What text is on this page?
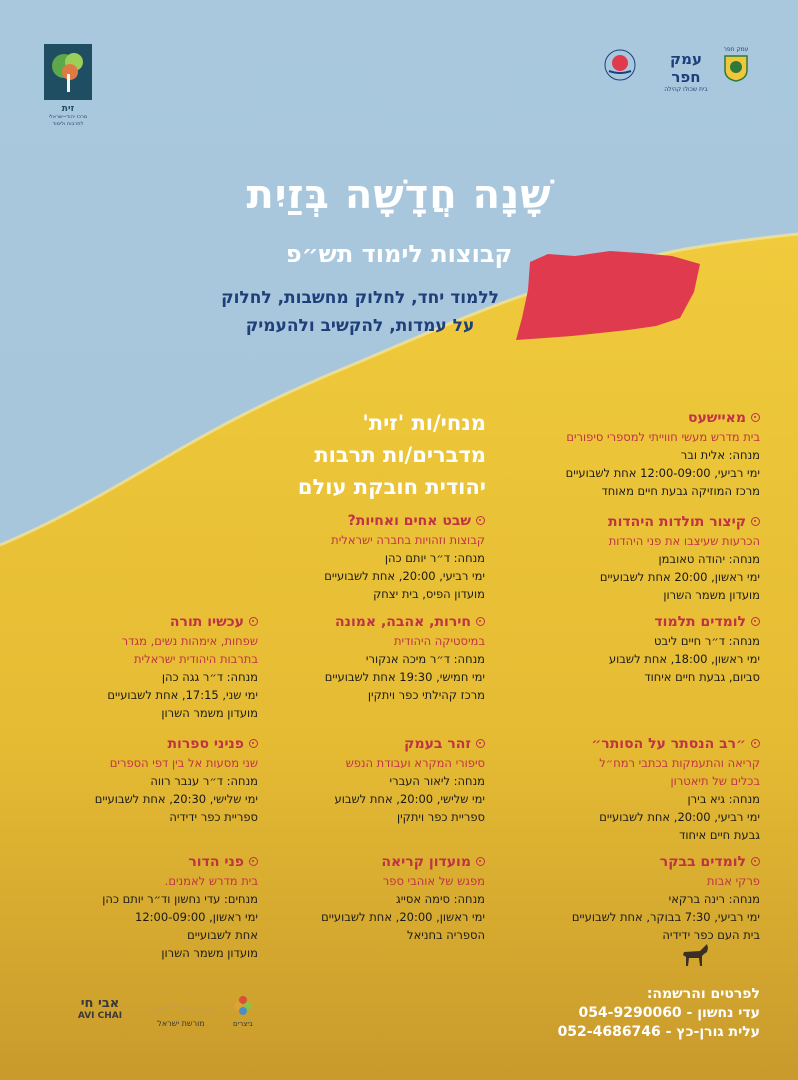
זית
מרכז יהודי-ישראלי לתרבות ולימוד
עמק חפר
בית שכולו קהילה
עמק חפר
שָׁנָה חֲדָשָׁה בְּזַיִת
קבוצות לימוד תש״פ
ללמוד יחד, לחלוק מחשבות, לחלוק
על עמדות, להקשיב ולהעמיק
מנחי/ות 'זית'
מדברים/ות תרבות
יהודית חובקת עולם
מאיישעס
בית מדרש מעשי חווייתי למספרי סיפורים
מנחה: אלית ובר
ימי רביעי, 12:00-09:00 אחת לשבועיים
מרכז המוזיקה גבעת חיים מאוחד
שבט אחים ואחיות?
קבוצות וזהויות בחברה ישראלית
מנחה: ד״ר יותם כהן
ימי רביעי, 20:00, אחת לשבועיים
מועדון הפיס, בית יצחק
קיצור תולדות היהדות
הכרעות שעיצבו את פני היהדות
מנחה: יהודה טאובמן
ימי ראשון, 20:00 אחת לשבועיים
מועדון משמר השרון
עכשיו תורה
שפחות, אימהות נשים, מגדר
בתרבות היהודית ישראלית
מנחה: ד״ר גגה כהן
ימי שני, 17:15, אחת לשבועיים
מועדון משמר השרון
חירות, אהבה, אמונה
במיסטיקה היהודית
מנחה: ד״ר מיכה אנקורי
ימי חמישי, 19:30 אחת לשבועיים
מרכז קהילתי כפר ויתקין
לומדים תלמוד
מנחה: ד״ר חיים ליבט
ימי ראשון, 18:00, אחת לשבוע
סביום, גבעת חיים איחוד
פניני ספרות
שני מסעות אל בין דפי הספרים
מנחה: ד״ר ענבר רווה
ימי שלישי, 20:30, אחת לשבועיים
ספריית כפר ידידיה
זהר בעמק
סיפורי המקרא ועבודת הנפש
מנחה: ליאור העברי
ימי שלישי, 20:00, אחת לשבוע
ספריית כפר ויתקין
״רב הנסתר על הסותר״
קריאה והתעמקות בכתבי רמח״ל
בכלים של תיאטרון
מנחה: גיא בירן
ימי רביעי, 20:00, אחת לשבועיים
גבעת חיים איחוד
פני הדור
בית מדרש לאמנים.
מנחים: עדי נחשון וד״ר יותם כהן
ימי ראשון, 12:00-09:00
אחת לשבועיים
מועדון משמר השרון
מועדון קריאה
מפגש של אוהבי ספר
מנחה: סימה אסייג
ימי ראשון, 20:00, אחת לשבועיים
הספריה בחניאל
לומדים בבקר
פרקי אבות
מנחה: רינה ברקאי
ימי רביעי, 7:30 בבוקר, אחת לשבועיים
בית העם כפר ידידיה
לפרטים והרשמה:
עדי נחשון - 054-9290060
עלית גורן-כץ - 052-4686746
אבי חי
AVI CHAI
מורשת ישראל	ביצרים
